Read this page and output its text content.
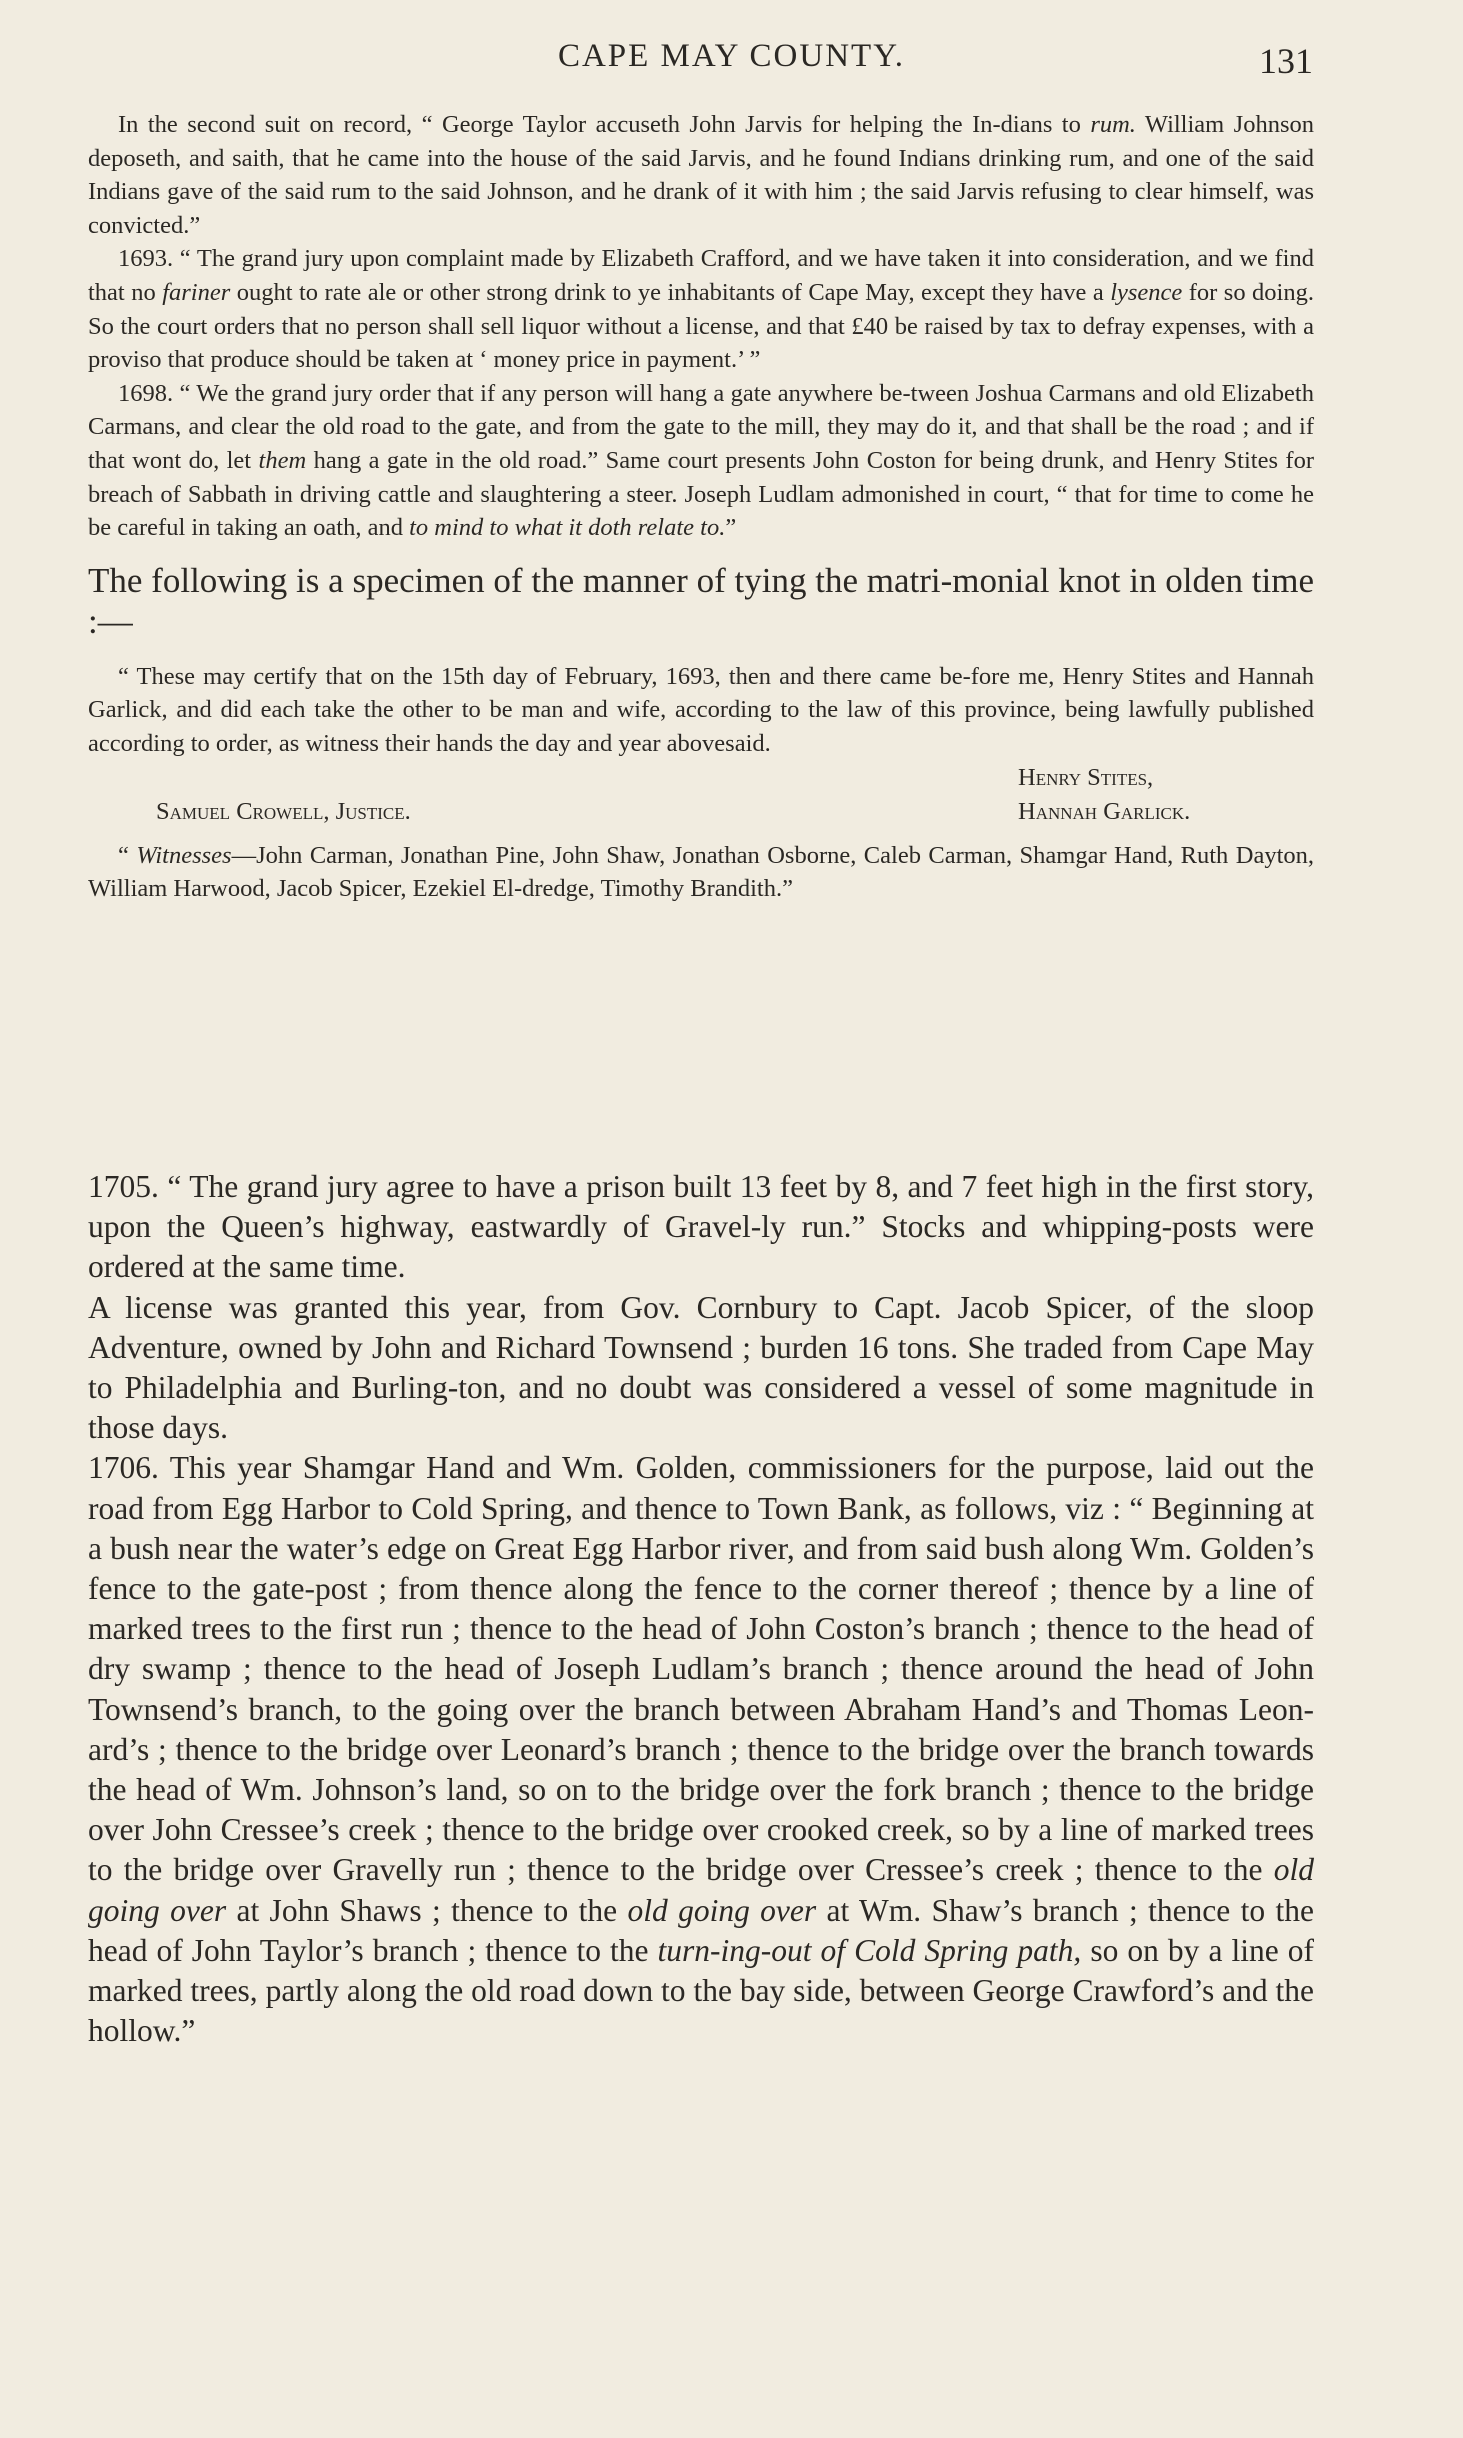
CAPE MAY COUNTY.	131

In the second suit on record, “ George Taylor accuseth John Jarvis for helping the In-dians to rum. William Johnson deposeth, and saith, that he came into the house of the said Jarvis, and he found Indians drinking rum, and one of the said Indians gave of the said rum to the said Johnson, and he drank of it with him ; the said Jarvis refusing to clear himself, was convicted.”

1693. “ The grand jury upon complaint made by Elizabeth Crafford, and we have taken it into consideration, and we find that no fariner ought to rate ale or other strong drink to ye inhabitants of Cape May, except they have a lysence for so doing. So the court orders that no person shall sell liquor without a license, and that £40 be raised by tax to defray expenses, with a proviso that produce should be taken at ‘ money price in payment.’ ”

1698. “ We the grand jury order that if any person will hang a gate anywhere be-tween Joshua Carmans and old Elizabeth Carmans, and clear the old road to the gate, and from the gate to the mill, they may do it, and that shall be the road ; and if that wont do, let them hang a gate in the old road.” Same court presents John Coston for being drunk, and Henry Stites for breach of Sabbath in driving cattle and slaughtering a steer. Joseph Ludlam admonished in court, “ that for time to come he be careful in taking an oath, and to mind to what it doth relate to.”

The following is a specimen of the manner of tying the matri-monial knot in olden time :—

“ These may certify that on the 15th day of February, 1693, then and there came be-fore me, Henry Stites and Hannah Garlick, and did each take the other to be man and wife, according to the law of this province, being lawfully published according to order, as witness their hands the day and year abovesaid.

Henry Stites,
Samuel Crowell, Justice.	Hannah Garlick.

“ Witnesses—John Carman, Jonathan Pine, John Shaw, Jonathan Osborne, Caleb Carman, Shamgar Hand, Ruth Dayton, William Harwood, Jacob Spicer, Ezekiel El-dredge, Timothy Brandith.”

1705. “ The grand jury agree to have a prison built 13 feet by 8, and 7 feet high in the first story, upon the Queen’s highway, eastwardly of Gravel-ly run.” Stocks and whipping-posts were ordered at the same time.

A license was granted this year, from Gov. Cornbury to Capt. Jacob Spicer, of the sloop Adventure, owned by John and Richard Townsend ; burden 16 tons. She traded from Cape May to Philadelphia and Burling-ton, and no doubt was considered a vessel of some magnitude in those days.

1706. This year Shamgar Hand and Wm. Golden, commissioners for the purpose, laid out the road from Egg Harbor to Cold Spring, and thence to Town Bank, as follows, viz : “ Beginning at a bush near the water’s edge on Great Egg Harbor river, and from said bush along Wm. Golden’s fence to the gate-post ; from thence along the fence to the corner thereof ; thence by a line of marked trees to the first run ; thence to the head of John Coston’s branch ; thence to the head of dry swamp ; thence to the head of Joseph Ludlam’s branch ; thence around the head of John Townsend’s branch, to the going over the branch between Abraham Hand’s and Thomas Leon-ard’s ; thence to the bridge over Leonard’s branch ; thence to the bridge over the branch towards the head of Wm. Johnson’s land, so on to the bridge over the fork branch ; thence to the bridge over John Cressee’s creek ; thence to the bridge over crooked creek, so by a line of marked trees to the bridge over Gravelly run ; thence to the bridge over Cressee’s creek ; thence to the old going over at John Shaws ; thence to the old going over at Wm. Shaw’s branch ; thence to the head of John Taylor’s branch ; thence to the turn-ing-out of Cold Spring path, so on by a line of marked trees, partly along the old road down to the bay side, between George Crawford’s and the hollow.”
